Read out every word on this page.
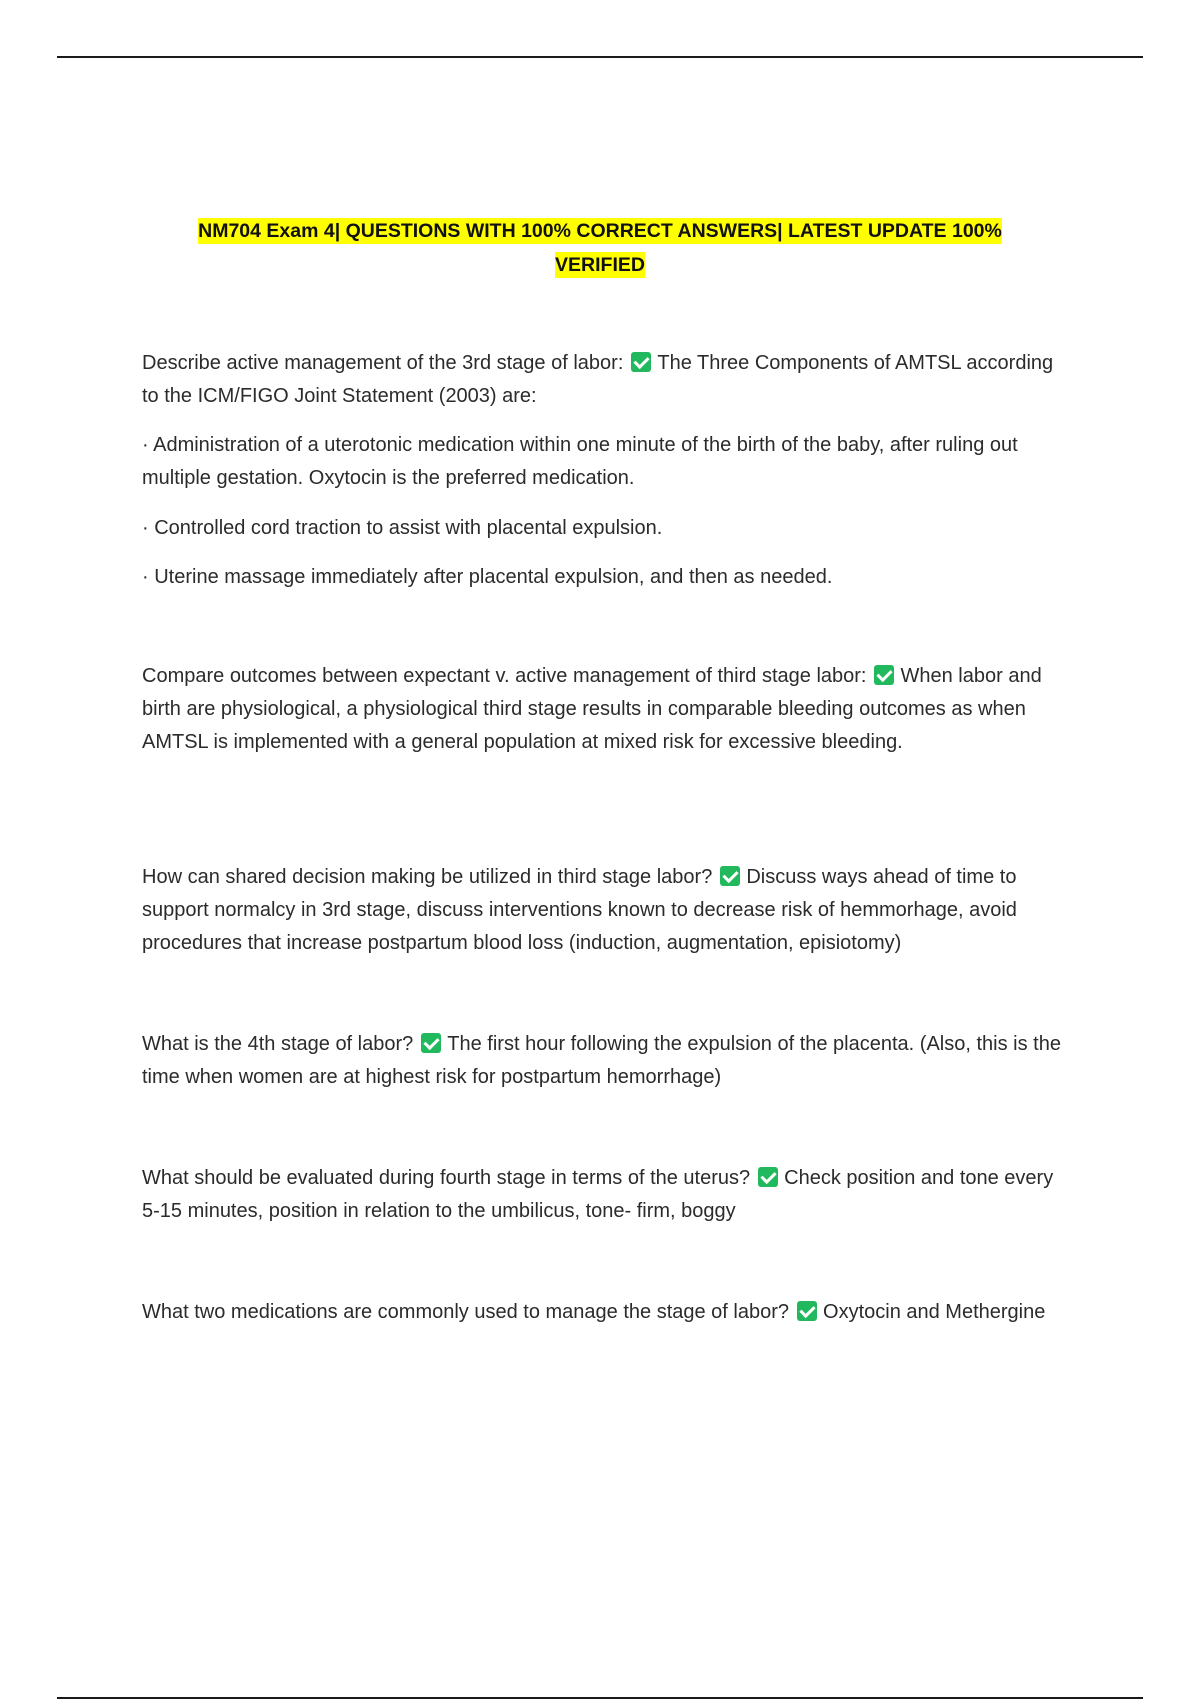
NM704 Exam 4| QUESTIONS WITH 100% CORRECT ANSWERS| LATEST UPDATE 100%
VERIFIED

Describe active management of the 3rd stage of labor: The Three Components of AMTSL according to the ICM/FIGO Joint Statement (2003) are:

· Administration of a uterotonic medication within one minute of the birth of the baby, after ruling out multiple gestation. Oxytocin is the preferred medication.

· Controlled cord traction to assist with placental expulsion.

· Uterine massage immediately after placental expulsion, and then as needed.

Compare outcomes between expectant v. active management of third stage labor: When labor and birth are physiological, a physiological third stage results in comparable bleeding outcomes as when AMTSL is implemented with a general population at mixed risk for excessive bleeding.

How can shared decision making be utilized in third stage labor? Discuss ways ahead of time to support normalcy in 3rd stage, discuss interventions known to decrease risk of hemmorhage, avoid procedures that increase postpartum blood loss (induction, augmentation, episiotomy)

What is the 4th stage of labor? The first hour following the expulsion of the placenta. (Also, this is the time when women are at highest risk for postpartum hemorrhage)

What should be evaluated during fourth stage in terms of the uterus? Check position and tone every 5-15 minutes, position in relation to the umbilicus, tone- firm, boggy

What two medications are commonly used to manage the stage of labor? Oxytocin and Methergine
